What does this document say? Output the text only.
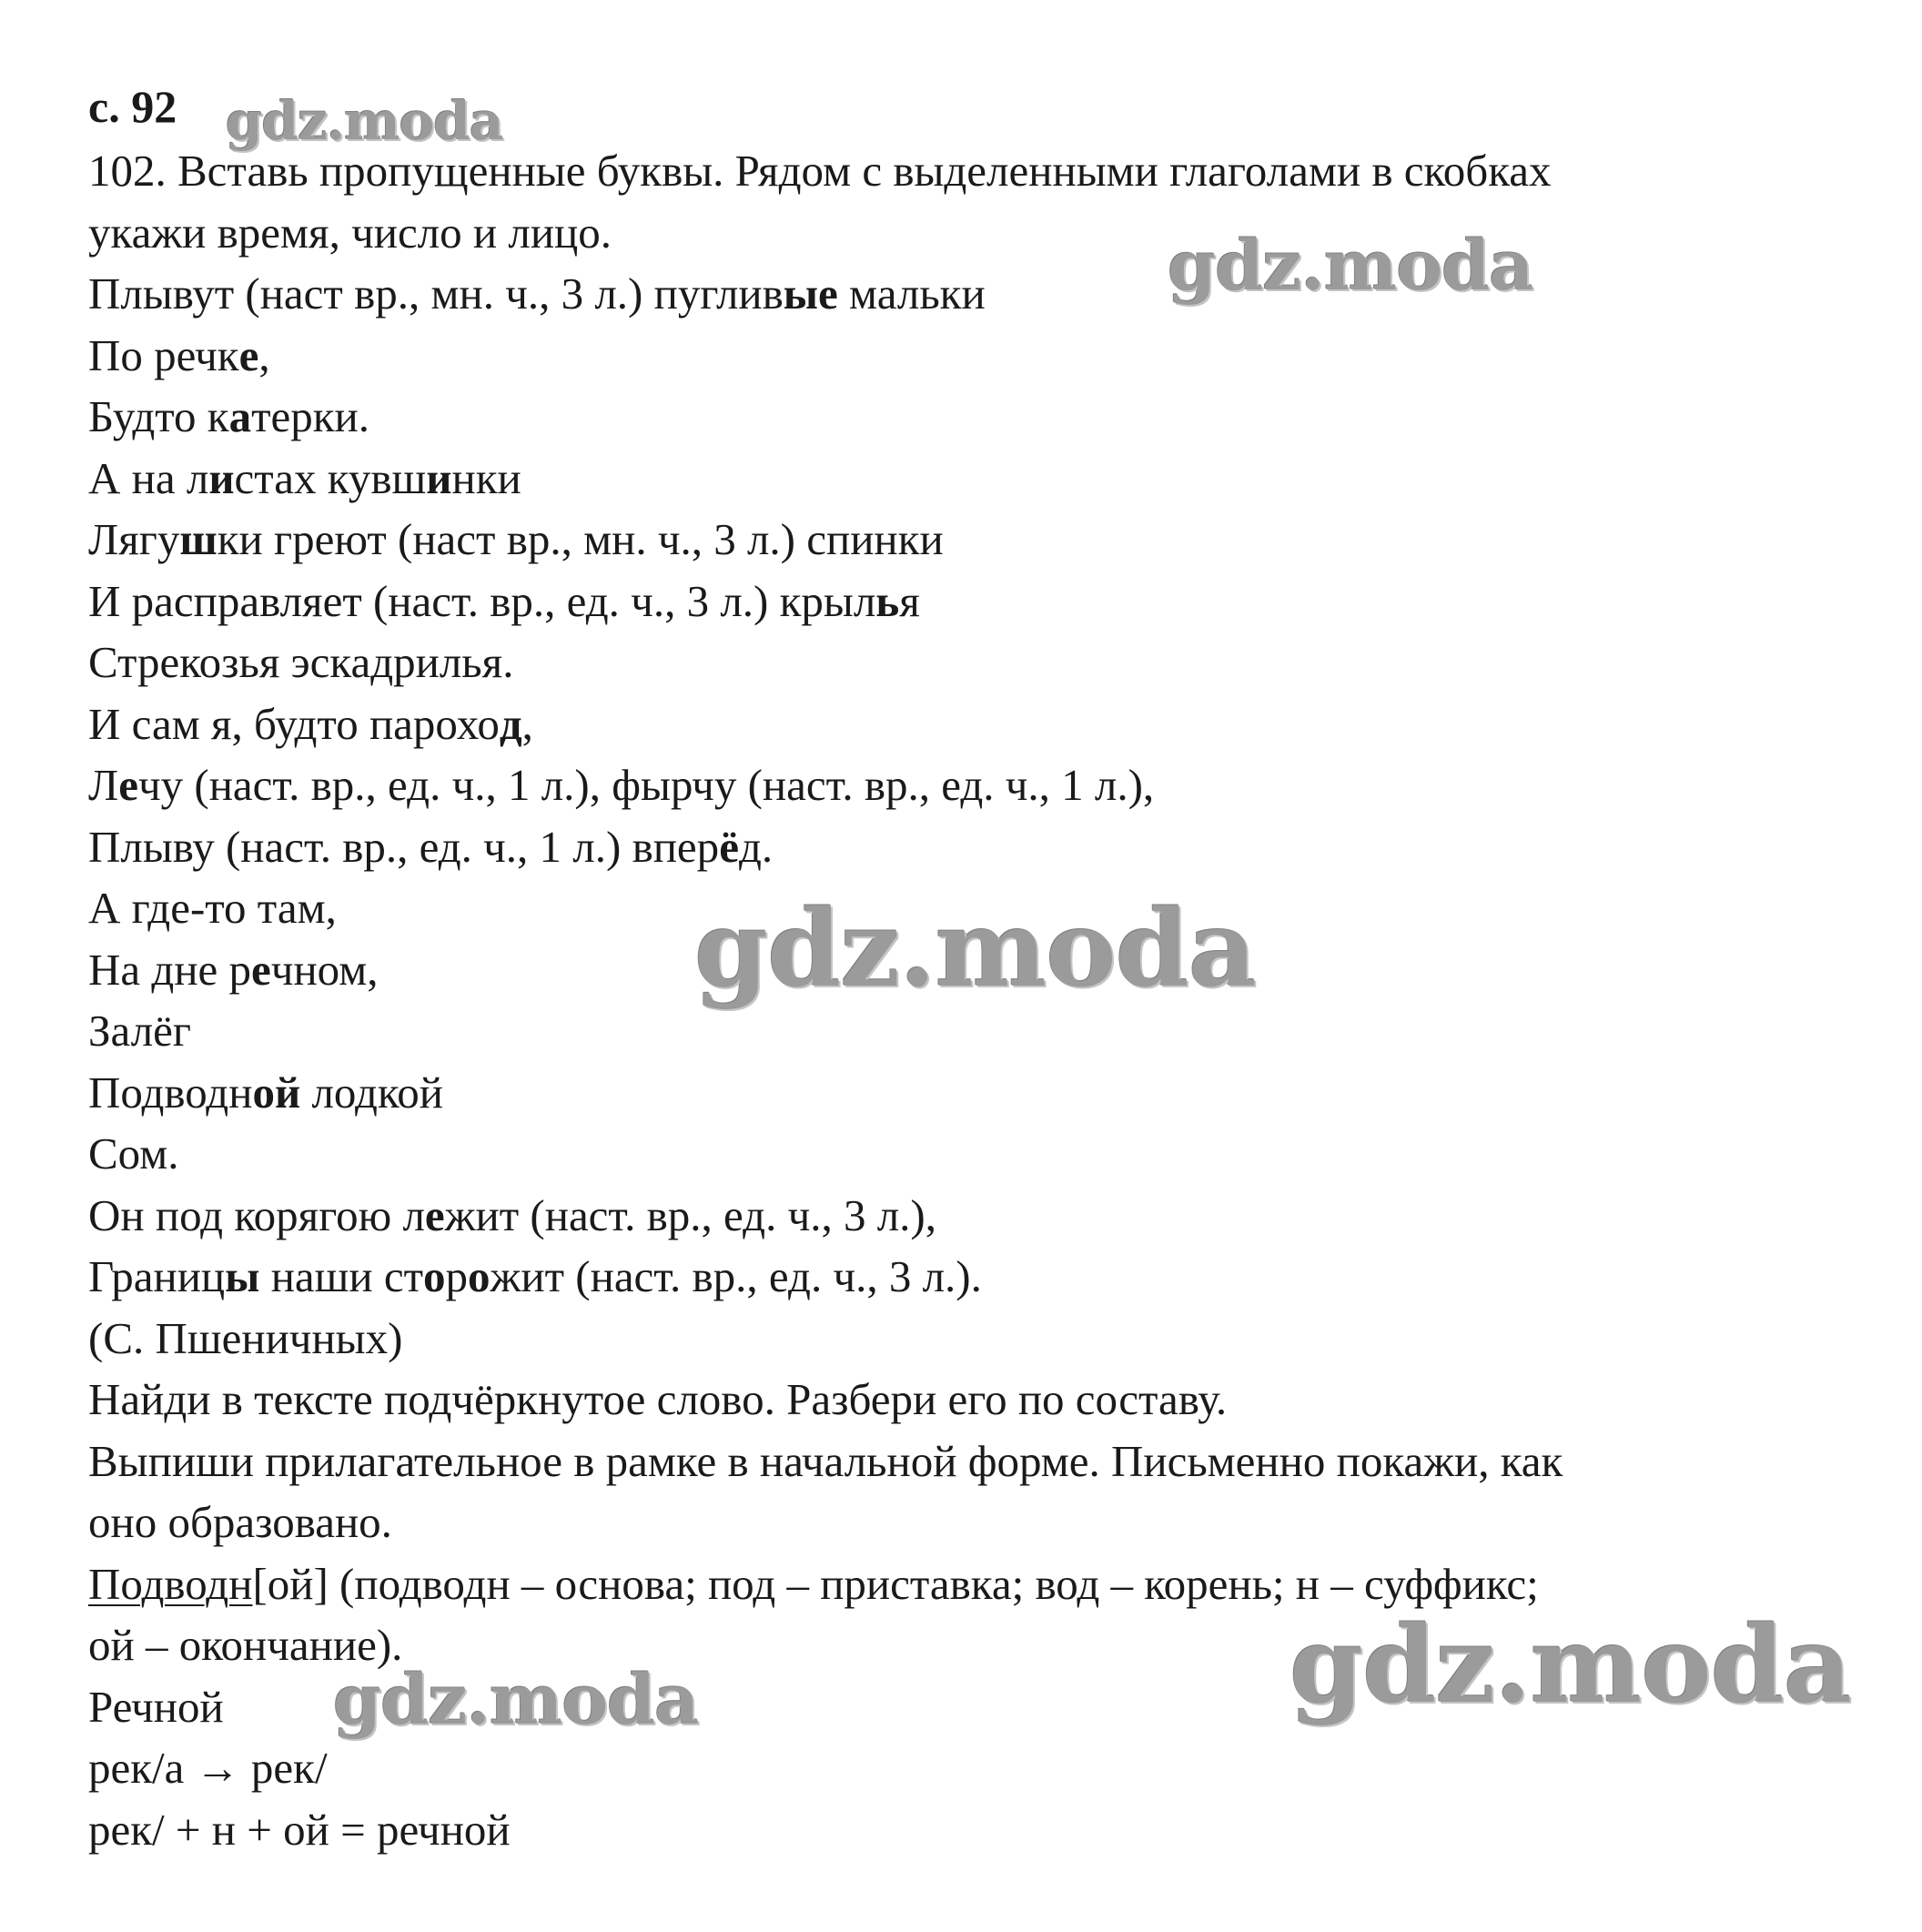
с. 92
102. Вставь пропущенные буквы. Рядом с выделенными глаголами в скобках
укажи время, число и лицо.
Плывут (наст вр., мн. ч., 3 л.) пугливые мальки
По речке,
Будто катерки.
А на листах кувшинки
Лягушки греют (наст вр., мн. ч., 3 л.) спинки
И расправляет (наст. вр., ед. ч., 3 л.) крылья
Стрекозья эскадрилья.
И сам я, будто пароход,
Лечу (наст. вр., ед. ч., 1 л.), фырчу (наст. вр., ед. ч., 1 л.),
Плыву (наст. вр., ед. ч., 1 л.) вперёд.
А где-то там,
На дне речном,
Залёг
Подводной лодкой
Сом.
Он под корягою лежит (наст. вр., ед. ч., 3 л.),
Границы наши сторожит (наст. вр., ед. ч., 3 л.).
(С. Пшеничных)
Найди в тексте подчёркнутое слово. Разбери его по составу.
Выпиши прилагательное в рамке в начальной форме. Письменно покажи, как
оно образовано.
Подводн[ой] (подводн – основа; под – приставка; вод – корень; н – суффикс;
ой – окончание).
Речной
рек/а → рек/
рек/ + н + ой = речной
gdz.moda
gdz.moda
gdz.moda
gdz.moda
gdz.moda
